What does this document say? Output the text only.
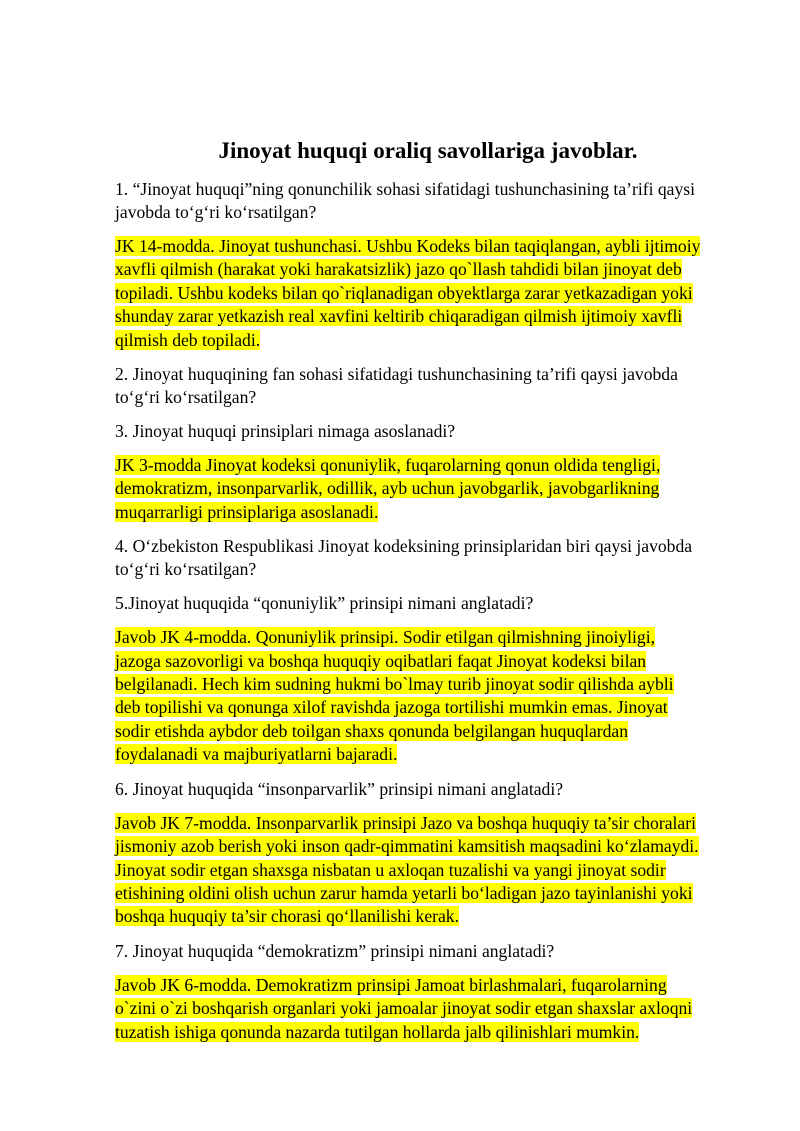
Jinoyat huquqi oraliq savollariga javoblar.

1. “Jinoyat huquqi”ning qonunchilik sohasi sifatidagi tushunchasining ta’rifi qaysi
javobda to‘g‘ri ko‘rsatilgan?

JK 14-modda. Jinoyat tushunchasi. Ushbu Kodeks bilan taqiqlangan, aybli ijtimoiy
xavfli qilmish (harakat yoki harakatsizlik) jazo qo`llash tahdidi bilan jinoyat deb
topiladi. Ushbu kodeks bilan qo`riqlanadigan obyektlarga zarar yetkazadigan yoki
shunday zarar yetkazish real xavfini keltirib chiqaradigan qilmish ijtimoiy xavfli
qilmish deb topiladi.

2. Jinoyat huquqining fan sohasi sifatidagi tushunchasining ta’rifi qaysi javobda
to‘g‘ri ko‘rsatilgan?

3. Jinoyat huquqi prinsiplari nimaga asoslanadi?

JK 3-modda Jinoyat kodeksi qonuniylik, fuqarolarning qonun oldida tengligi,
demokratizm, insonparvarlik, odillik, ayb uchun javobgarlik, javobgarlikning
muqarrarligi prinsiplariga asoslanadi.

4. O‘zbekiston Respublikasi Jinoyat kodeksining prinsiplaridan biri qaysi javobda
to‘g‘ri ko‘rsatilgan?

5.Jinoyat huquqida “qonuniylik” prinsipi nimani anglatadi?

Javob JK 4-modda. Qonuniylik prinsipi. Sodir etilgan qilmishning jinoiyligi,
jazoga sazovorligi va boshqa huquqiy oqibatlari faqat Jinoyat kodeksi bilan
belgilanadi. Hech kim sudning hukmi bo`lmay turib jinoyat sodir qilishda aybli
deb topilishi va qonunga xilof ravishda jazoga tortilishi mumkin emas. Jinoyat
sodir etishda aybdor deb toilgan shaxs qonunda belgilangan huquqlardan
foydalanadi va majburiyatlarni bajaradi.

6. Jinoyat huquqida “insonparvarlik” prinsipi nimani anglatadi?

Javob JK 7-modda. Insonparvarlik prinsipi Jazo va boshqa huquqiy ta’sir choralari
jismoniy azob berish yoki inson qadr-qimmatini kamsitish maqsadini ko‘zlamaydi.
Jinoyat sodir etgan shaxsga nisbatan u axloqan tuzalishi va yangi jinoyat sodir
etishining oldini olish uchun zarur hamda yetarli bo‘ladigan jazo tayinlanishi yoki
boshqa huquqiy ta’sir chorasi qo‘llanilishi kerak.

7. Jinoyat huquqida “demokratizm” prinsipi nimani anglatadi?

Javob JK 6-modda. Demokratizm prinsipi Jamoat birlashmalari, fuqarolarning
o`zini o`zi boshqarish organlari yoki jamoalar jinoyat sodir etgan shaxslar axloqni
tuzatish ishiga qonunda nazarda tutilgan hollarda jalb qilinishlari mumkin.
